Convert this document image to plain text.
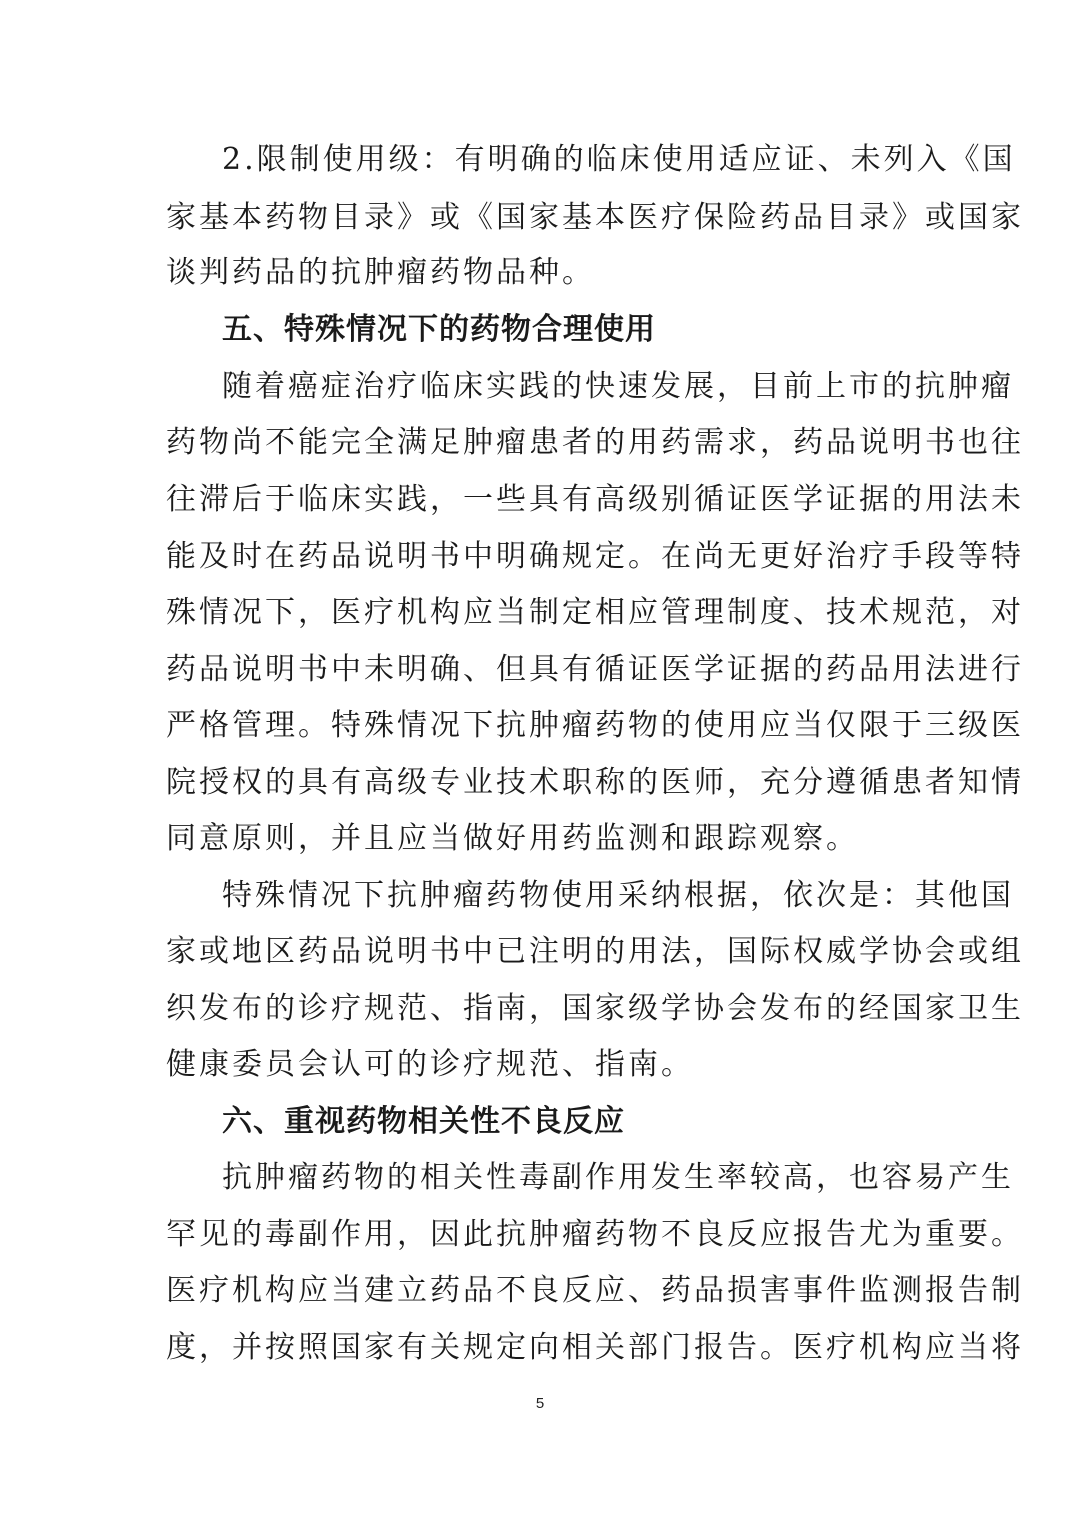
2.限制使用级：有明确的临床使用适应证、未列入《国
家基本药物目录》或《国家基本医疗保险药品目录》或国家
谈判药品的抗肿瘤药物品种。
五、特殊情况下的药物合理使用
随着癌症治疗临床实践的快速发展，目前上市的抗肿瘤
药物尚不能完全满足肿瘤患者的用药需求，药品说明书也往
往滞后于临床实践，一些具有高级别循证医学证据的用法未
能及时在药品说明书中明确规定。在尚无更好治疗手段等特
殊情况下，医疗机构应当制定相应管理制度、技术规范，对
药品说明书中未明确、但具有循证医学证据的药品用法进行
严格管理。特殊情况下抗肿瘤药物的使用应当仅限于三级医
院授权的具有高级专业技术职称的医师，充分遵循患者知情
同意原则，并且应当做好用药监测和跟踪观察。
特殊情况下抗肿瘤药物使用采纳根据，依次是：其他国
家或地区药品说明书中已注明的用法，国际权威学协会或组
织发布的诊疗规范、指南，国家级学协会发布的经国家卫生
健康委员会认可的诊疗规范、指南。
六、重视药物相关性不良反应
抗肿瘤药物的相关性毒副作用发生率较高，也容易产生
罕见的毒副作用，因此抗肿瘤药物不良反应报告尤为重要。
医疗机构应当建立药品不良反应、药品损害事件监测报告制
度，并按照国家有关规定向相关部门报告。医疗机构应当将
5
